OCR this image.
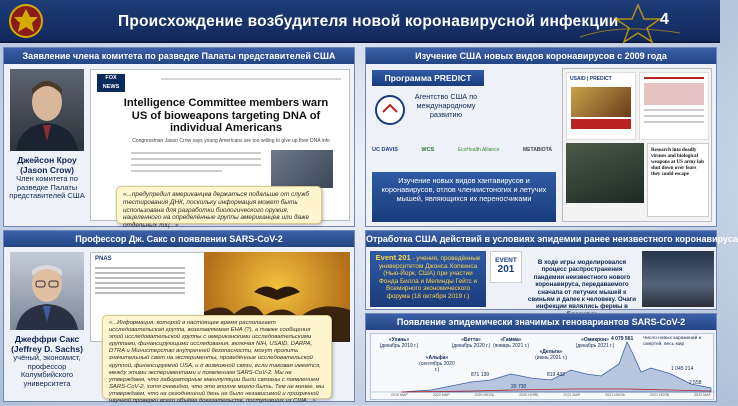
Происхождение возбудителя новой коронавирусной инфекции	4
Заявление члена комитета по разведке Палаты представителей США
Джейсон Кроу
(Jason Crow)
Член комитета по разведке Палаты представителей США
FOX NEWS
Intelligence Committee members warn US of bioweapons targeting DNA of individual Americans
Congressman Jason Crow says young Americans are too willing to give up their DNA info
«...предупредил американцев держаться подальше от служб тестирования ДНК, поскольку информация может быть использована для разработки биологического оружия, нацеленного на определённые группы американцев или даже отдельных лиц...»
Изучение США новых видов коронавирусов с 2009 года
Программа PREDICT
Агентство США по международному развитию
UC DAVIS	WCS	EcoHealth Alliance	METABIOTA
Изучение новых видов хантавирусов и коронавирусов, отлов члениистоногих и летучих мышей, являющихся их переносчиками
USAID | PREDICT
Research into deadly viruses and biological weapons at US army lab shut down over fears they could escape
Профессор Дж. Сакс о появлении SARS-CoV-2
Джеффри Сакс
(Jeffrey D. Sachs)
учёный, экономист, профессор Колумбийского университета
PNAS
«...Информация, которой в настоящее время располагает исследовательская группа, возглавляемая ЕНА (?), а также сообщения этой исследовательской группы с американскими исследовательскими группами, финансирующими исследования, включая NIH, USAID, DARPA, DTRA и Министерство внутренней безопасности, могут пролить значительный свет на эксперименты, проведённые исследовательской группой, финансируемой USA, и о возможной связи, если таковая имеется, между этими экспериментами и появлением SARS-CoV-2. Мы не утверждаем, что лабораторные манипуляции были связаны с появлением SARS-CoV-2, хотя очевидно, что это вполне могло быть. Тем не менее, мы утверждаем, что на сегодняшний день не было независимой и прозрачной научной проверки всего объёма доказательств, поступивших из США…»
Отработка США действий в условиях эпидемии ранее неизвестного коронавируса
Event 201 - учения, проведённые университетом Джонса Хопкинса (Нью-Йорк, США) при участии Фонда Билла и Мелинды Гейтс и Всемирного экономического форума (18 октября 2019 г.)
EVENT
201
В ходе игры моделировался процесс распространения пандемии неизвестного нового коронавируса, передаваемого сначала от летучих мышей к свиньям и далее к человеку. Очаги инфекции являлись фермы в
Появление эпидемически значимых геновариантов SARS-CoV-2
Число новых заражений и смертей, весь мир
«Ухань»
(декабрь 2019 г.)
«Альфа»
(сентябрь 2020 г.)
«Бетта»
(декабрь 2020 г.)
«Гамма»
(январь 2021 г.)
«Дельта»
(июнь 2021 г.)
«Омикрон»
(декабрь 2021 г.)
871 139
20 730
819 432
4 079 561
1 045 214
2 558
2019 МАР	2020 МАР	2020 ИЮЛЬ	2020 НОЯБ	2021 МАР	2021 ИЮЛЬ	2021 НОЯБ	2022 МАР
